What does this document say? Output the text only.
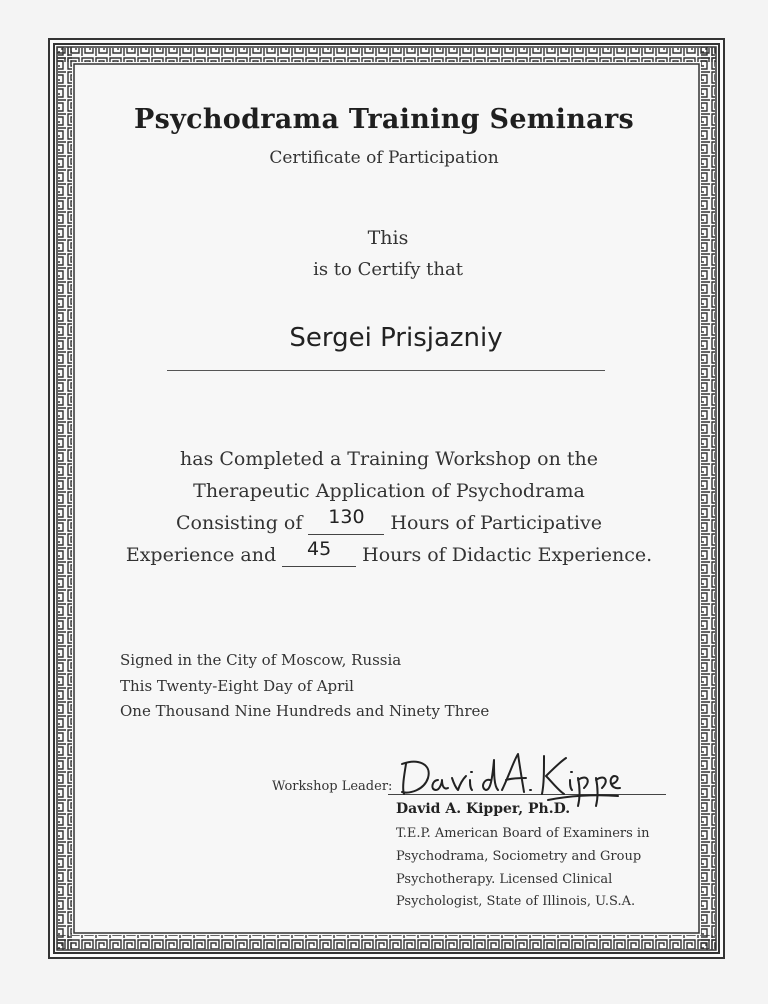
Psychodrama Training Seminars
Certificate of Participation
This
is to Certify that
Sergei Prisjazniy
has Completed a Training Workshop on the
Therapeutic Application of Psychodrama
Consisting of 130 Hours of Participative
Experience and 45 Hours of Didactic Experience.
Signed in the City of Moscow, Russia
This Twenty-Eight Day of April
One Thousand Nine Hundreds and Ninety Three
Workshop Leader:
David A. Kipper, Ph.D.
T.E.P. American Board of Examiners in
Psychodrama, Sociometry and Group
Psychotherapy. Licensed Clinical
Psychologist, State of Illinois, U.S.A.
